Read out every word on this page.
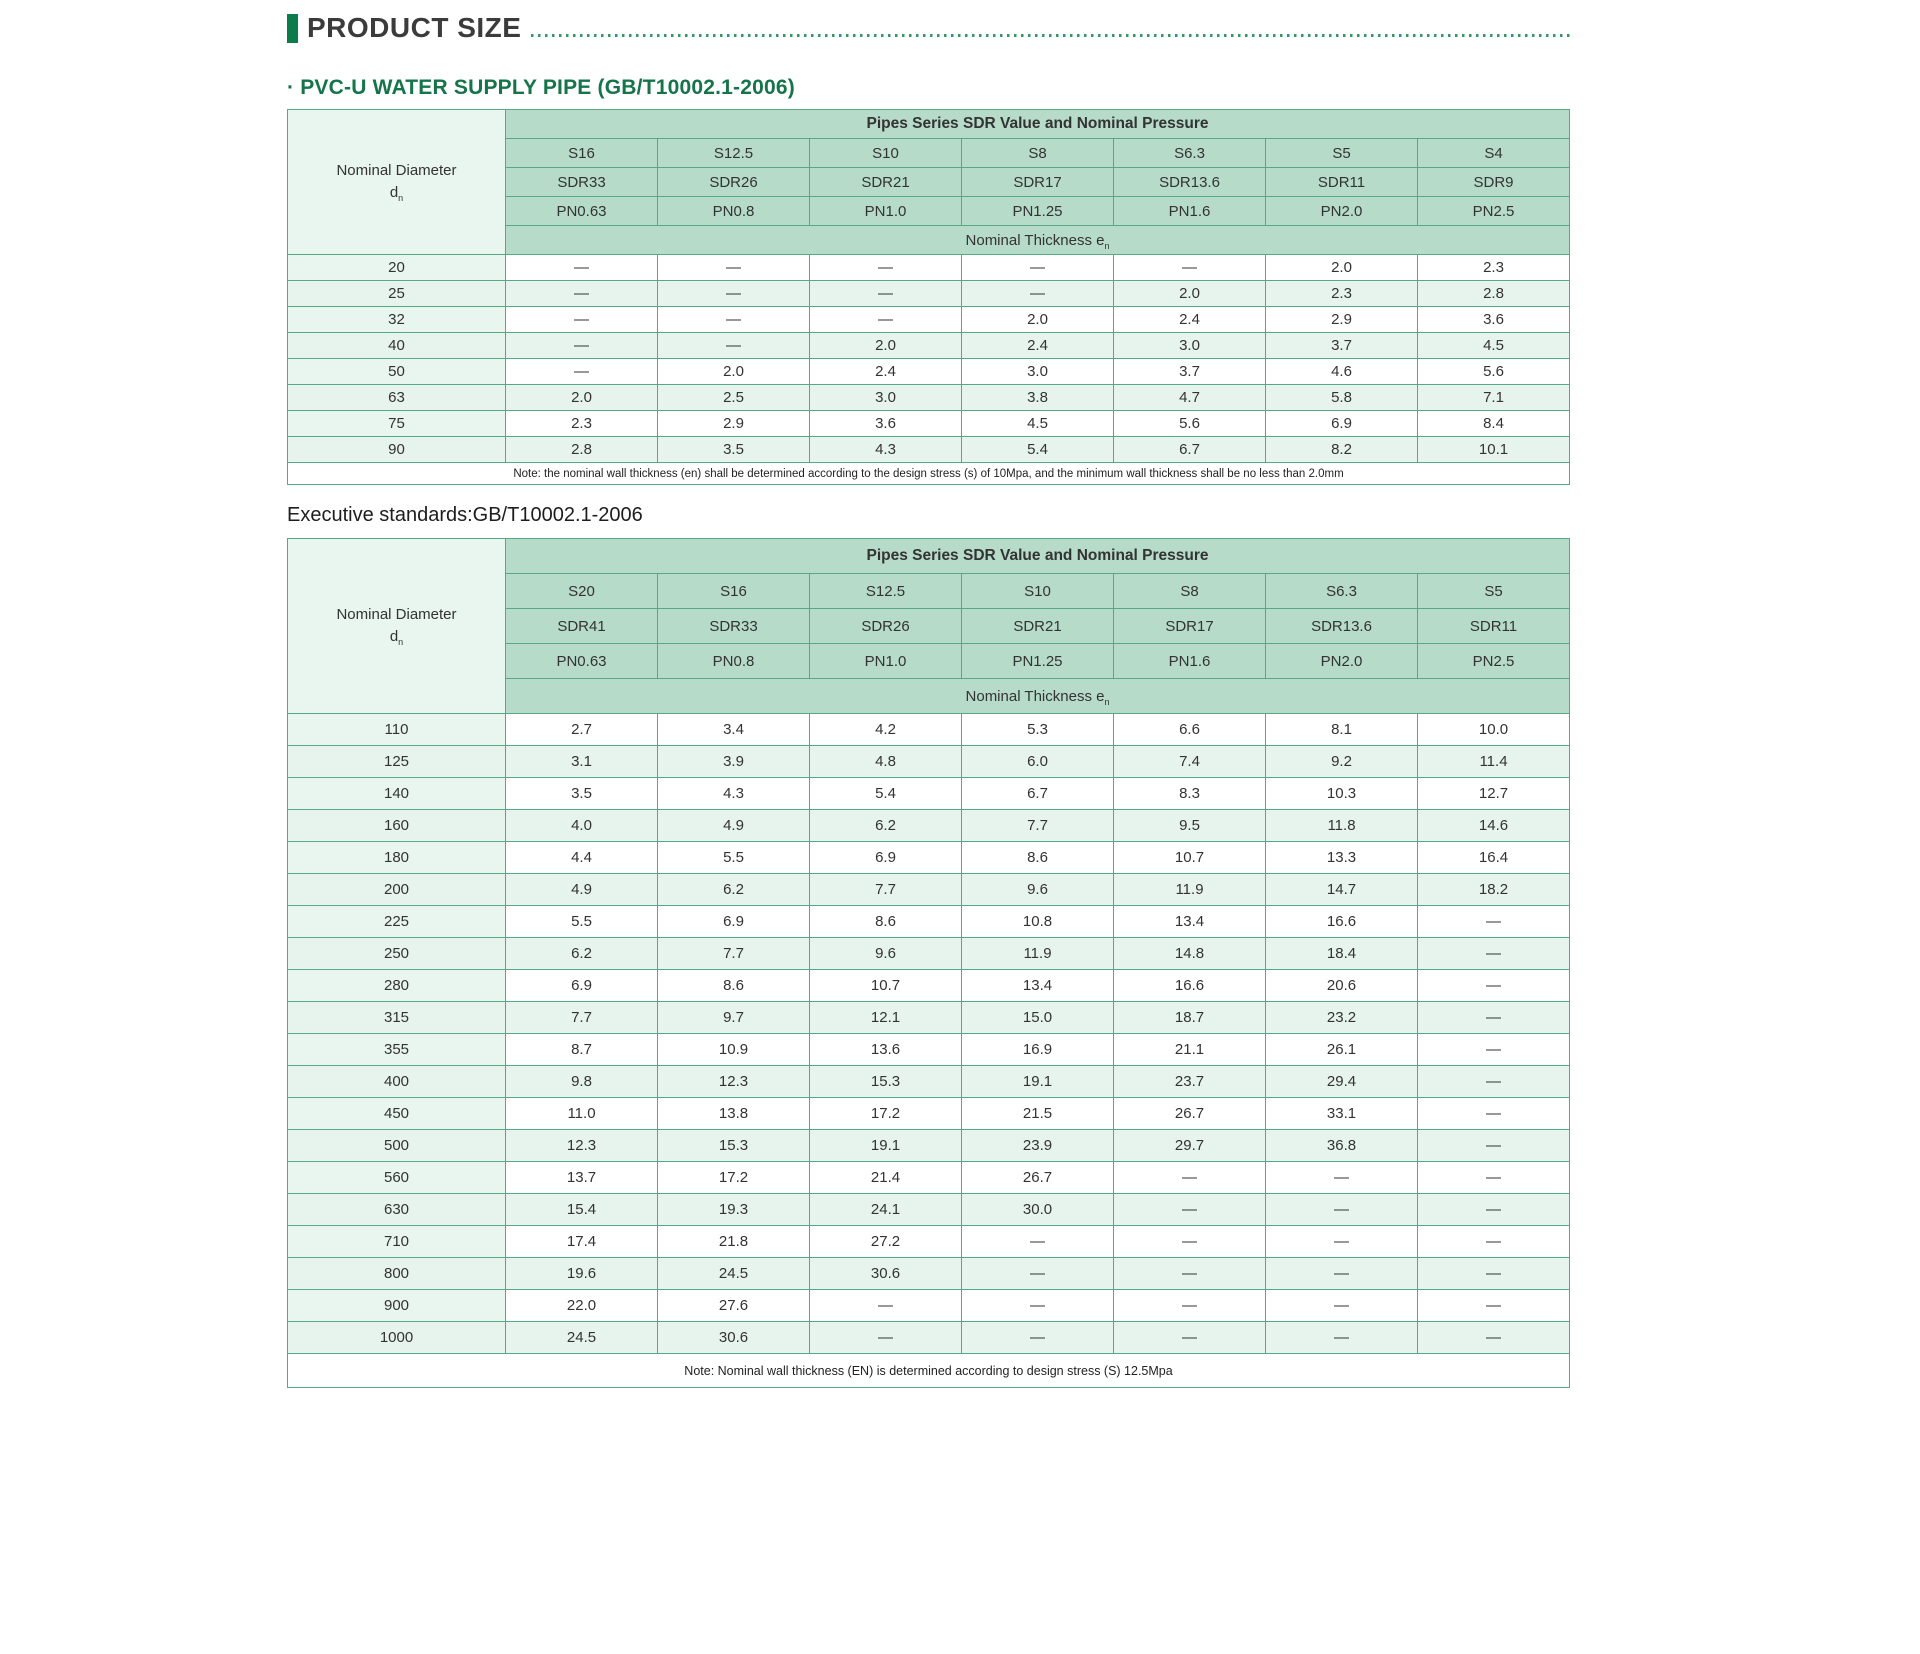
PRODUCT SIZE
· PVC-U WATER SUPPLY PIPE (GB/T10002.1-2006)
Nominal Diameter
$d_n$	Pipes Series SDR Value and Nominal Pressure						
	S16	S12.5	S10	S8	S6.3	S5	S4
	SDR33	SDR26	SDR21	SDR17	SDR13.6	SDR11	SDR9
	PN0.63	PN0.8	PN1.0	PN1.25	PN1.6	PN2.0	PN2.5
	Nominal Thickness $e_n$
20	—	—	—	—	—	2.0	2.3
25	—	—	—	—	2.0	2.3	2.8
32	—	—	—	2.0	2.4	2.9	3.6
40	—	—	2.0	2.4	3.0	3.7	4.5
50	—	2.0	2.4	3.0	3.7	4.6	5.6
63	2.0	2.5	3.0	3.8	4.7	5.8	7.1
75	2.3	2.9	3.6	4.5	5.6	6.9	8.4
90	2.8	3.5	4.3	5.4	6.7	8.2	10.1
Note: the nominal wall thickness (en) shall be determined according to the design stress (s) of 10Mpa, and the minimum wall thickness shall be no less than 2.0mm							
Executive standards:GB/T10002.1-2006
Nominal Diameter
$d_n$	Pipes Series SDR Value and Nominal Pressure						
	S20	S16	S12.5	S10	S8	S6.3	S5
	SDR41	SDR33	SDR26	SDR21	SDR17	SDR13.6	SDR11
	PN0.63	PN0.8	PN1.0	PN1.25	PN1.6	PN2.0	PN2.5
	Nominal Thickness $e_n$
110	2.7	3.4	4.2	5.3	6.6	8.1	10.0
125	3.1	3.9	4.8	6.0	7.4	9.2	11.4
140	3.5	4.3	5.4	6.7	8.3	10.3	12.7
160	4.0	4.9	6.2	7.7	9.5	11.8	14.6
180	4.4	5.5	6.9	8.6	10.7	13.3	16.4
200	4.9	6.2	7.7	9.6	11.9	14.7	18.2
225	5.5	6.9	8.6	10.8	13.4	16.6	—
250	6.2	7.7	9.6	11.9	14.8	18.4	—
280	6.9	8.6	10.7	13.4	16.6	20.6	—
315	7.7	9.7	12.1	15.0	18.7	23.2	—
355	8.7	10.9	13.6	16.9	21.1	26.1	—
400	9.8	12.3	15.3	19.1	23.7	29.4	—
450	11.0	13.8	17.2	21.5	26.7	33.1	—
500	12.3	15.3	19.1	23.9	29.7	36.8	—
560	13.7	17.2	21.4	26.7	—	—	—
630	15.4	19.3	24.1	30.0	—	—	—
710	17.4	21.8	27.2	—	—	—	—
800	19.6	24.5	30.6	—	—	—	—
900	22.0	27.6	—	—	—	—	—
1000	24.5	30.6	—	—	—	—	—
Note: Nominal wall thickness (EN) is determined according to design stress (S) 12.5Mpa							
